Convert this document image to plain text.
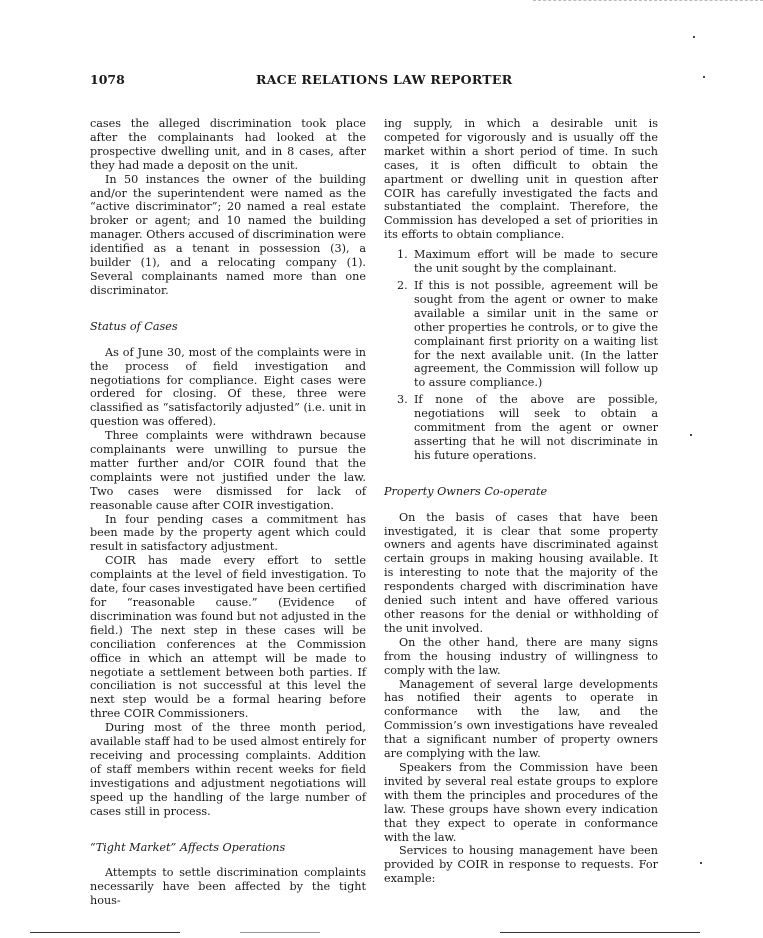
1078	RACE RELATIONS LAW REPORTER

cases the alleged discrimination took place after the complainants had looked at the prospective dwelling unit, and in 8 cases, after they had made a deposit on the unit.

In 50 instances the owner of the building and/or the superintendent were named as the “active discriminator”; 20 named a real estate broker or agent; and 10 named the building manager. Others accused of discrimination were identified as a tenant in possession (3), a builder (1), and a relocating company (1). Several complainants named more than one discriminator.

Status of Cases

As of June 30, most of the complaints were in the process of field investigation and negotiations for compliance. Eight cases were ordered for closing. Of these, three were classified as “satisfactorily adjusted” (i.e. unit in question was offered).

Three complaints were withdrawn because complainants were unwilling to pursue the matter further and/or COIR found that the complaints were not justified under the law. Two cases were dismissed for lack of reasonable cause after COIR investigation.

In four pending cases a commitment has been made by the property agent which could result in satisfactory adjustment.

COIR has made every effort to settle complaints at the level of field investigation. To date, four cases investigated have been certified for “reasonable cause.” (Evidence of discrimination was found but not adjusted in the field.) The next step in these cases will be conciliation conferences at the Commission office in which an attempt will be made to negotiate a settlement between both parties. If conciliation is not successful at this level the next step would be a formal hearing before three COIR Commissioners.

During most of the three month period, available staff had to be used almost entirely for receiving and processing complaints. Addition of staff members within recent weeks for field investigations and adjustment negotiations will speed up the handling of the large number of cases still in process.

“Tight Market” Affects Operations

Attempts to settle discrimination complaints necessarily have been affected by the tight hous-

ing supply, in which a desirable unit is competed for vigorously and is usually off the market within a short period of time. In such cases, it is often difficult to obtain the apartment or dwelling unit in question after COIR has carefully investigated the facts and substantiated the complaint. Therefore, the Commission has developed a set of priorities in its efforts to obtain compliance.

1. Maximum effort will be made to secure the unit sought by the complainant.
2. If this is not possible, agreement will be sought from the agent or owner to make available a similar unit in the same or other properties he controls, or to give the complainant first priority on a waiting list for the next available unit. (In the latter agreement, the Commission will follow up to assure compliance.)
3. If none of the above are possible, negotiations will seek to obtain a commitment from the agent or owner asserting that he will not discriminate in his future operations.
Property Owners Co-operate

On the basis of cases that have been investigated, it is clear that some property owners and agents have discriminated against certain groups in making housing available. It is interesting to note that the majority of the respondents charged with discrimination have denied such intent and have offered various other reasons for the denial or withholding of the unit involved.

On the other hand, there are many signs from the housing industry of willingness to comply with the law.

Management of several large developments has notified their agents to operate in conformance with the law, and the Commission’s own investigations have revealed that a significant number of property owners are complying with the law.

Speakers from the Commission have been invited by several real estate groups to explore with them the principles and procedures of the law. These groups have shown every indication that they expect to operate in conformance with the law.

Services to housing management have been provided by COIR in response to requests. For example:
